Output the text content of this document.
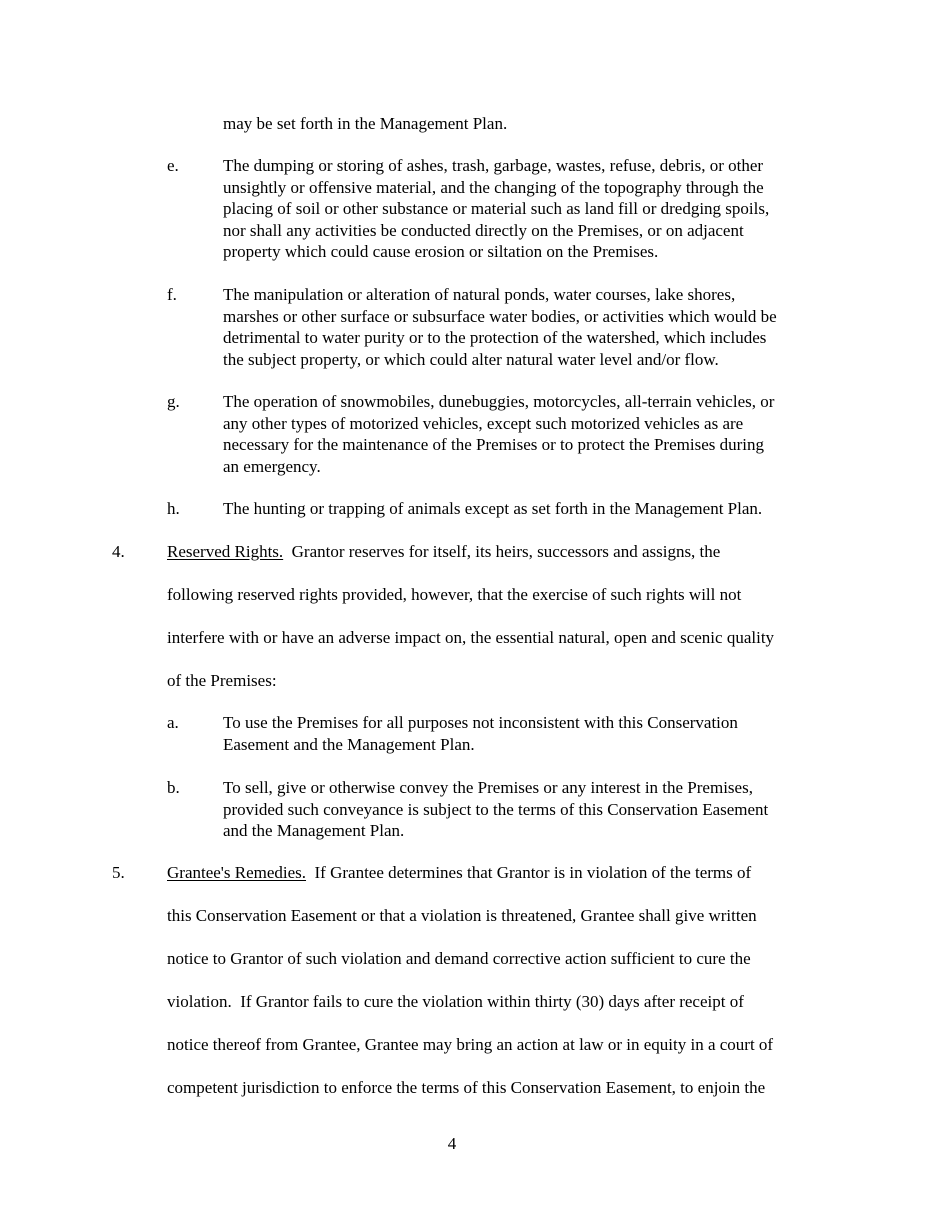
may be set forth in the Management Plan.
e.	The dumping or storing of ashes, trash, garbage, wastes, refuse, debris, or other
unsightly or offensive material, and the changing of the topography through the
placing of soil or other substance or material such as land fill or dredging spoils,
nor shall any activities be conducted directly on the Premises, or on adjacent
property which could cause erosion or siltation on the Premises.
f.	The manipulation or alteration of natural ponds, water courses, lake shores,
marshes or other surface or subsurface water bodies, or activities which would be
detrimental to water purity or to the protection of the watershed, which includes
the subject property, or which could alter natural water level and/or flow.
g.	The operation of snowmobiles, dunebuggies, motorcycles, all-terrain vehicles, or
any other types of motorized vehicles, except such motorized vehicles as are
necessary for the maintenance of the Premises or to protect the Premises during
an emergency.
h.	The hunting or trapping of animals except as set forth in the Management Plan.
4. Reserved Rights. Grantor reserves for itself, its heirs, successors and assigns, the
following reserved rights provided, however, that the exercise of such rights will not
interfere with or have an adverse impact on, the essential natural, open and scenic quality
of the Premises:
a.	To use the Premises for all purposes not inconsistent with this Conservation
Easement and the Management Plan.
b.	To sell, give or otherwise convey the Premises or any interest in the Premises,
provided such conveyance is subject to the terms of this Conservation Easement
and the Management Plan.
5. Grantee's Remedies. If Grantee determines that Grantor is in violation of the terms of
this Conservation Easement or that a violation is threatened, Grantee shall give written
notice to Grantor of such violation and demand corrective action sufficient to cure the
violation.  If Grantor fails to cure the violation within thirty (30) days after receipt of
notice thereof from Grantee, Grantee may bring an action at law or in equity in a court of
competent jurisdiction to enforce the terms of this Conservation Easement, to enjoin the
4
